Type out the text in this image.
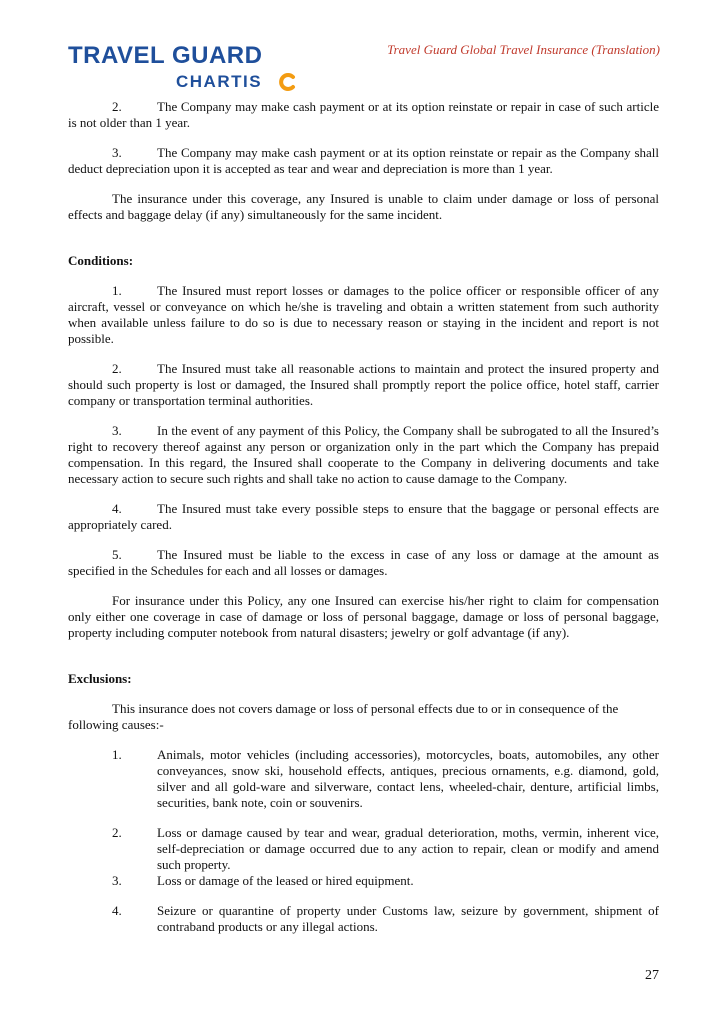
TRAVEL GUARD
CHARTIS
Travel Guard Global Travel Insurance (Translation)

2.	The Company may make cash payment or at its option reinstate or repair in case of such article is not older than 1 year.

3.	The Company may make cash payment or at its option reinstate or repair as the Company shall deduct depreciation upon it is accepted as tear and wear and depreciation is more than 1 year.

The insurance under this coverage, any Insured is unable to claim under damage or loss of personal effects and baggage delay (if any) simultaneously for the same incident.

Conditions:

1.	The Insured must report losses or damages to the police officer or responsible officer of any aircraft, vessel or conveyance on which he/she is traveling and obtain a written statement from such authority when available unless failure to do so is due to necessary reason or staying in the incident and report is not possible.

2.	The Insured must take all reasonable actions to maintain and protect the insured property and should such property is lost or damaged, the Insured shall promptly report the police office, hotel staff, carrier company or transportation terminal authorities.

3.	In the event of any payment of this Policy, the Company shall be subrogated to all the Insured’s right to recovery thereof against any person or organization only in the part which the Company has prepaid compensation. In this regard, the Insured shall cooperate to the Company in delivering documents and take necessary action to secure such rights and shall take no action to cause damage to the Company.

4.	The Insured must take every possible steps to ensure that the baggage or personal effects are appropriately cared.

5.	The Insured must be liable to the excess in case of any loss or damage at the amount as specified in the Schedules for each and all losses or damages.

For insurance under this Policy, any one Insured can exercise his/her right to claim for compensation only either one coverage in case of damage or loss of personal baggage, damage or loss of personal baggage, property including computer notebook from natural disasters; jewelry or golf advantage (if any).

Exclusions:

This insurance does not covers damage or loss of personal effects due to or in consequence of the following causes:-

1.	Animals, motor vehicles (including accessories), motorcycles, boats, automobiles, any other conveyances, snow ski, household effects, antiques, precious ornaments, e.g. diamond, gold, silver and all gold-ware and silverware, contact lens, wheeled-chair, denture, artificial limbs, securities, bank note, coin or souvenirs.
2.	Loss or damage caused by tear and wear, gradual deterioration, moths, vermin, inherent vice, self-depreciation or damage occurred due to any action to repair, clean or modify and amend such property.
3.	Loss or damage of the leased or hired equipment.
4.	Seizure or quarantine of property under Customs law, seizure by government, shipment of contraband products or any illegal actions.
27
